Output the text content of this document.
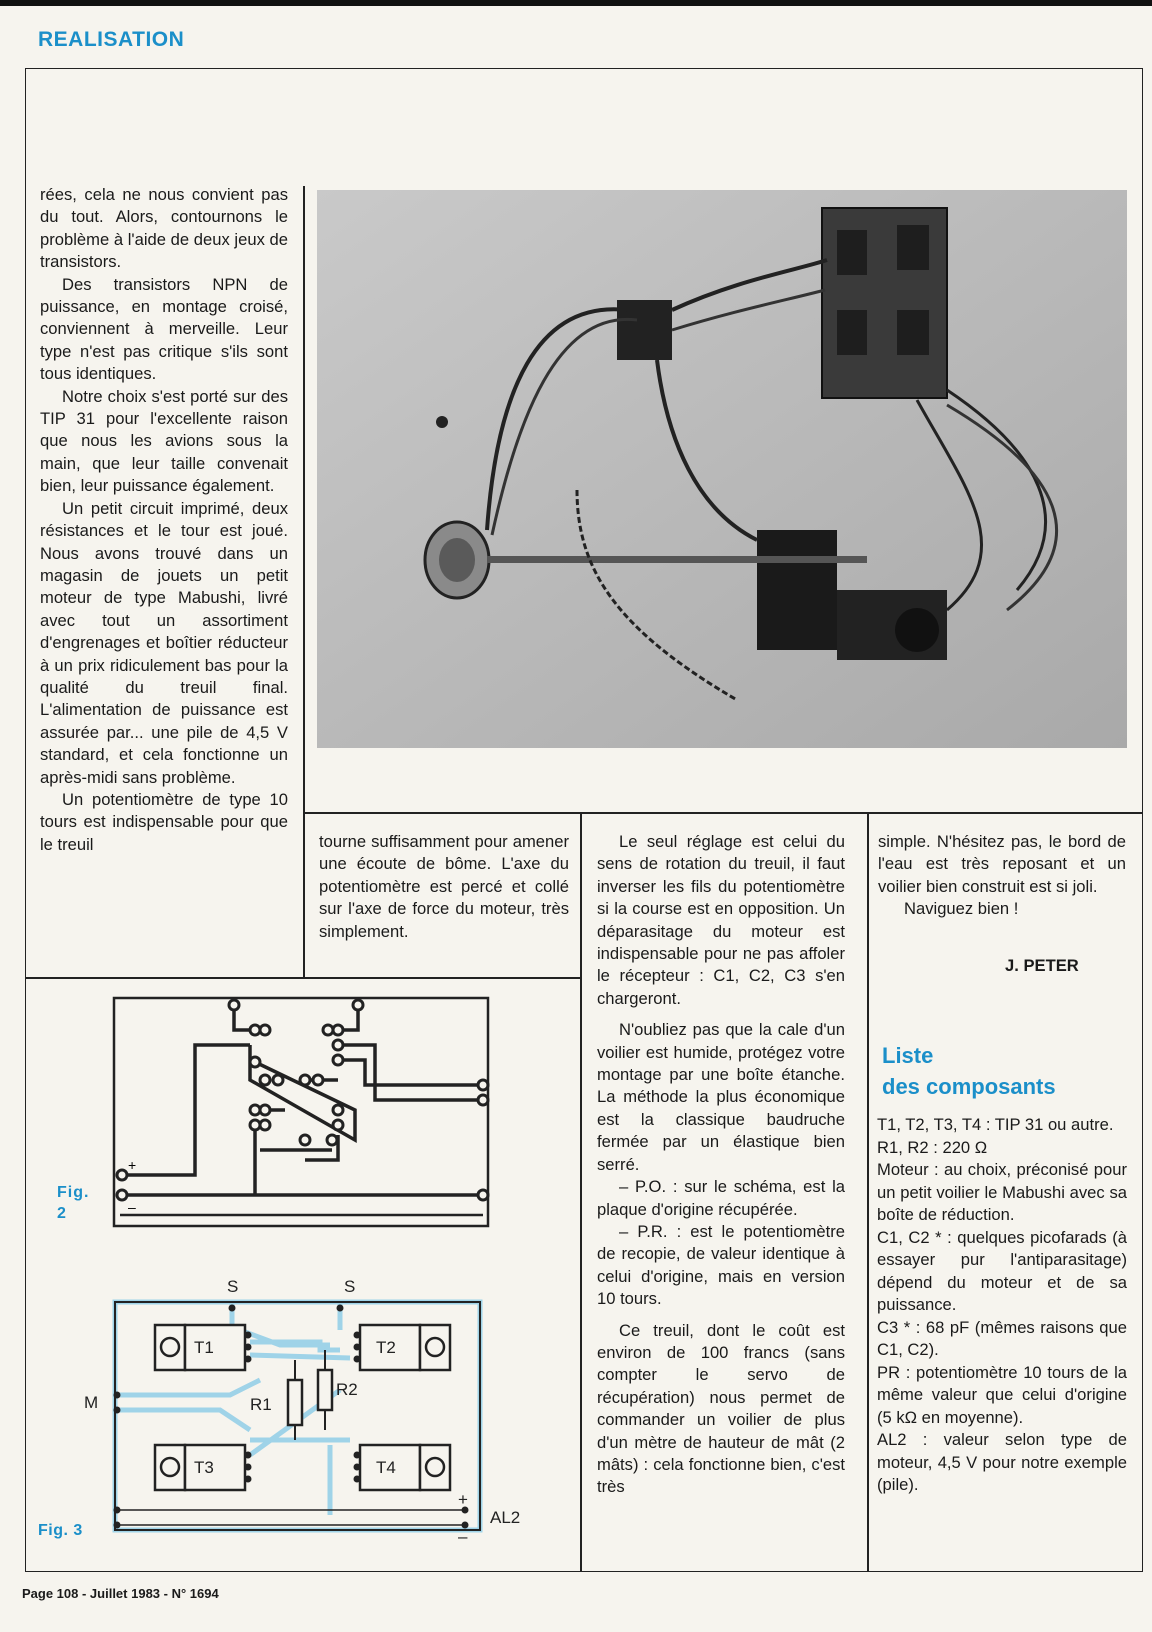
REALISATION

rées, cela ne nous convient pas du tout. Alors, contournons le problème à l'aide de deux jeux de transistors.

Des transistors NPN de puissance, en montage croisé, conviennent à merveille. Leur type n'est pas critique s'ils sont tous identiques.

Notre choix s'est porté sur des TIP 31 pour l'excellente raison que nous les avions sous la main, que leur taille convenait bien, leur puissance également.

Un petit circuit imprimé, deux résistances et le tour est joué. Nous avons trouvé dans un magasin de jouets un petit moteur de type Mabushi, livré avec tout un assortiment d'engrenages et boîtier réducteur à un prix ridiculement bas pour la qualité du treuil final. L'alimentation de puissance est assurée par... une pile de 4,5 V standard, et cela fonctionne un après-midi sans problème.

Un potentiomètre de type 10 tours est indispensable pour que le treuil	tourne suffisamment pour amener une écoute de bôme. L'axe du potentiomètre est percé et collé sur l'axe de force du moteur, très simplement.

Le seul réglage est celui du sens de rotation du treuil, il faut inverser les fils du potentiomètre si la course est en opposition. Un déparasitage du moteur est indispensable pour ne pas affoler le récepteur : C1, C2, C3 s'en chargeront.

N'oubliez pas que la cale d'un voilier est humide, protégez votre montage par une boîte étanche. La méthode la plus économique est la classique baudruche fermée par un élastique bien serré.

– P.O. : sur le schéma, est la plaque d'origine récupérée.

– P.R. : est le potentiomètre de recopie, de valeur identique à celui d'origine, mais en version 10 tours.

Ce treuil, dont le coût est environ de 100 francs (sans compter le servo de récupération) nous permet de commander un voilier de plus d'un mètre de hauteur de mât (2 mâts) : cela fonctionne bien, c'est très

simple. N'hésitez pas, le bord de l'eau est très reposant et un voilier bien construit est si joli.

Naviguez bien !

J. PETER
Liste
des composants

T1, T2, T3, T4 : TIP 31 ou autre.

R1, R2 : 220 Ω

Moteur : au choix, préconisé pour un petit voilier le Mabushi avec sa boîte de réduction.

C1, C2 * : quelques picofarads (à essayer pur l'antiparasitage) dépend du moteur et de sa puissance.

C3 * : 68 pF (mêmes raisons que C1, C2).

PR : potentiomètre 10 tours de la même valeur que celui d'origine (5 kΩ en moyenne).

AL2 : valeur selon type de moteur, 4,5 V pour notre exemple (pile).

Fig.
2
+
–
Fig. 3
S	S
M
T1	T2
T3	T4
R1
R2
AL2
+
–
Page 108 - Juillet 1983 - N° 1694
